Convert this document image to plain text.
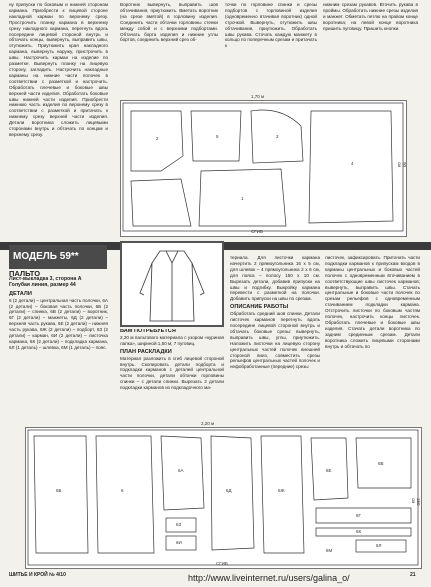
ну припуски по боковым и нижней сторонам кармана. Приобрести к лицевой стороне накладной карман по верхнему срезу. Прострочить планку кармана в верхнему срезу накладного кармана, перегнуть вдоль посередине лицевой стороной внутрь и обтачать концы, вывернуть, выправить швы, отутюжить. Приутюжить края накладного кармана, вывернуть наружу, пристрочить в швы. Настрочить карман на изделие по разметке. Вывернуть планку на лицевую сторону, загладить. Настрочить накладные карманы на нижние части полочек в соответствии с разметкой и настрочить. Обработать плечевые и боковые швы верхней части изделия. Обработать боковые швы нижней части изделия. Приобрести нижнюю часть изделия по верхнему срезу в соответствии с разметкой и притачать к нижнему срезу верхней части изделия. Детали воротника сложить лицевыми сторонами внутрь и обтачать по концам и верхнему срезу.

Воротник вывернуть, выправить шов обтачивания, приутюжить. Вметать воротник (на срезе вмятой) в горловину изделия. Соединить части обтачки горловины стенки между собой и с верхними подбортами. Обтачать борта изделия и нижние углы бортов, соединить верхний срез об-

точки по горловине спинки и срезы подбортов с горловиной изделия (одновременно втачивая воротник) одной строчкой. Вывернуть, отутюжить швы обтачивания, приутюжить. Обработать швы рукава. Сточать каждую манжету в кольцо по поперечным срезам и притачать к

нижним срезам рукавов. Вточить рукава в проймы. Обработать нижние срезы изделия и манжет. Обметать петлю на правом конце воротника; на левой конце воротника пришить пуговицу. Пришить кнопки.

1,70 м
90 см
СГИБ
2	5	3
4
1
МОДЕЛЬ 59**

ПАЛЬТО

Лист-выкладка 3, сторона А

Голубая линия, размер 44

ДЕТАЛИ

6 (2 детали) – центральная часть полочки, 6А (2 детали) – боковая часть полочки, 6Б (2 детали) – спинка, 6В (2 детали) – воротник, 6Г (2 детали) – манжеты, 6Д (2 детали) – верхняя часть рукава, 6Е (2 детали) – нижняя часть рукава, 6Ж (2 детали) – подборт, 6З (2 детали) – карман, 6И (2 детали) – листочка кармана, 6К (2 детали) – подкладка кармана, 6Л (1 деталь) – шлевка, 6М (1 деталь) – пояс.

ВАМ ПОТРЕБУЕТСЯ

2,20 м пальтового материала с узором «куриная лапка», шириной 1,50 м; 7 пуговиц.

ПЛАН РАСКЛАДКИ

Материал разложить в сгиб лицевой стороной внутрь. Скопировать детали подборта и подкладки карманов с деталей центральной части полочки, детали обтачки горловины спинки – с детали спинки. Вырезать 2 детали подкладки карманов из подкладочного ма-

териала. Для листочки кармана начертить 2 прямоугольника 16 х 5 см, для шлевок – 4 прямоугольника 2 х 6 см, для пояса – полосу 150 х 10 см. Вырезать детали, добавив припуски на швы и подгибку. Выкройку кармана перевести с разметкой на полочки. Добавить припуски на швы по срезам.

ОПИСАНИЕ РАБОТЫ

Обработать средний шов спинки. Детали листочек карманов перегнуть вдоль посередине лицевой стороной внутрь и обтачать боковые срезы: вывернуть, выправить швы, углы, приутюжить. Наложить листочки на лицевую сторону центральных частей полочек внешней стороной вниз, совместить срезы рельефов центральных частей полочек и нефобработанные (передние) срезы

листочек, зафиксировать. Притачать части подкладки карманов к припускам входов в карманы центральных и боковых частей полочек с одновременным вточиванием в соответствующие швы листочек карманов; вывернуть, выправить швы. Стачать центральные и боковые части полочек по срезам рельефов с одновременным стачиванием подкладки кармана. Отстрочить листочки по боковым частям полочек, настрочить концы листочек. Обработать плечевые и боковые швы изделия. Стачать детали воротника по задним срединным срезам. Детали воротника сложить лицевыми сторонами внутрь и обтачать по

2,20 м
150 см
СГИБ
6Б	6
6А
6Д	6Ж
6Е
6В
6Г
6З
6И
6К
6Л
6М
ШИТЬЕ И КРОЙ № 4/10	21
http://www.liveinternet.ru/users/galina_o/
